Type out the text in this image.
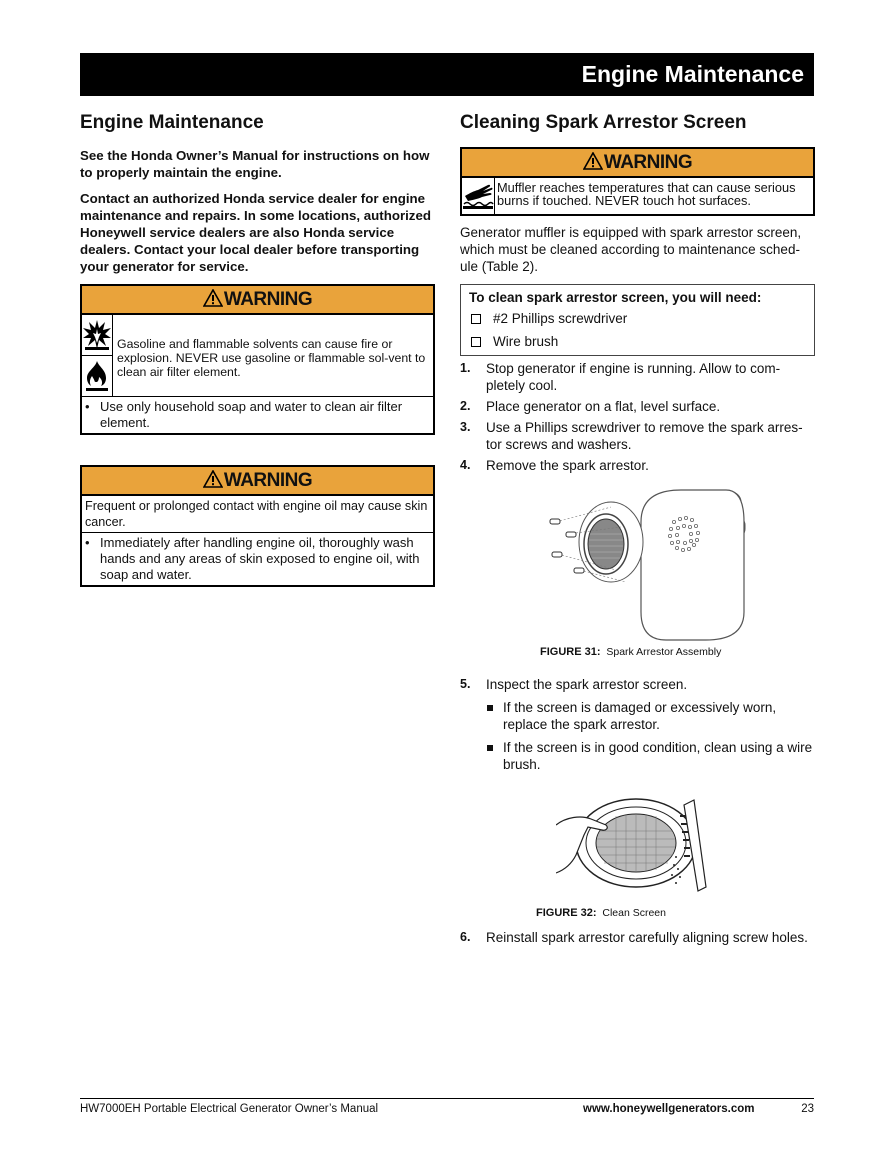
Engine Maintenance
Engine Maintenance

See the Honda Owner’s Manual for instructions on how to properly maintain the engine.

Contact an authorized Honda service dealer for engine maintenance and repairs. In some locations, authorized Honeywell service dealers are also Honda service dealers. Contact your local dealer before transporting your generator for service.

WARNING
Gasoline and flammable solvents can cause fire or explosion. NEVER use gasoline or flammable sol-vent to clean air filter element.
• Use only household soap and water to clean air filter element.
WARNING
Frequent or prolonged contact with engine oil may cause skin cancer.
• Immediately after handling engine oil, thoroughly wash hands and any areas of skin exposed to engine oil, with soap and water.
Cleaning Spark Arrestor Screen
WARNING
Muffler reaches temperatures that can cause serious burns if touched. NEVER touch hot surfaces.

Generator muffler is equipped with spark arrestor screen, which must be cleaned according to maintenance sched-ule (Table 2).

To clean spark arrestor screen, you will need:
#2 Phillips screwdriver
Wire brush
1.	Stop generator if engine is running. Allow to com-pletely cool.
2.	Place generator on a flat, level surface.
3.	Use a Phillips screwdriver to remove the spark arres-tor screws and washers.
4.	Remove the spark arrestor.
FIGURE 31: Spark Arrestor Assembly
5.	Inspect the spark arrestor screen.
If the screen is damaged or excessively worn, replace the spark arrestor.
If the screen is in good condition, clean using a wire brush.
FIGURE 32: Clean Screen
6.	Reinstall spark arrestor carefully aligning screw holes.
HW7000EH Portable Electrical Generator Owner’s Manual	www.honeywellgenerators.com	23
